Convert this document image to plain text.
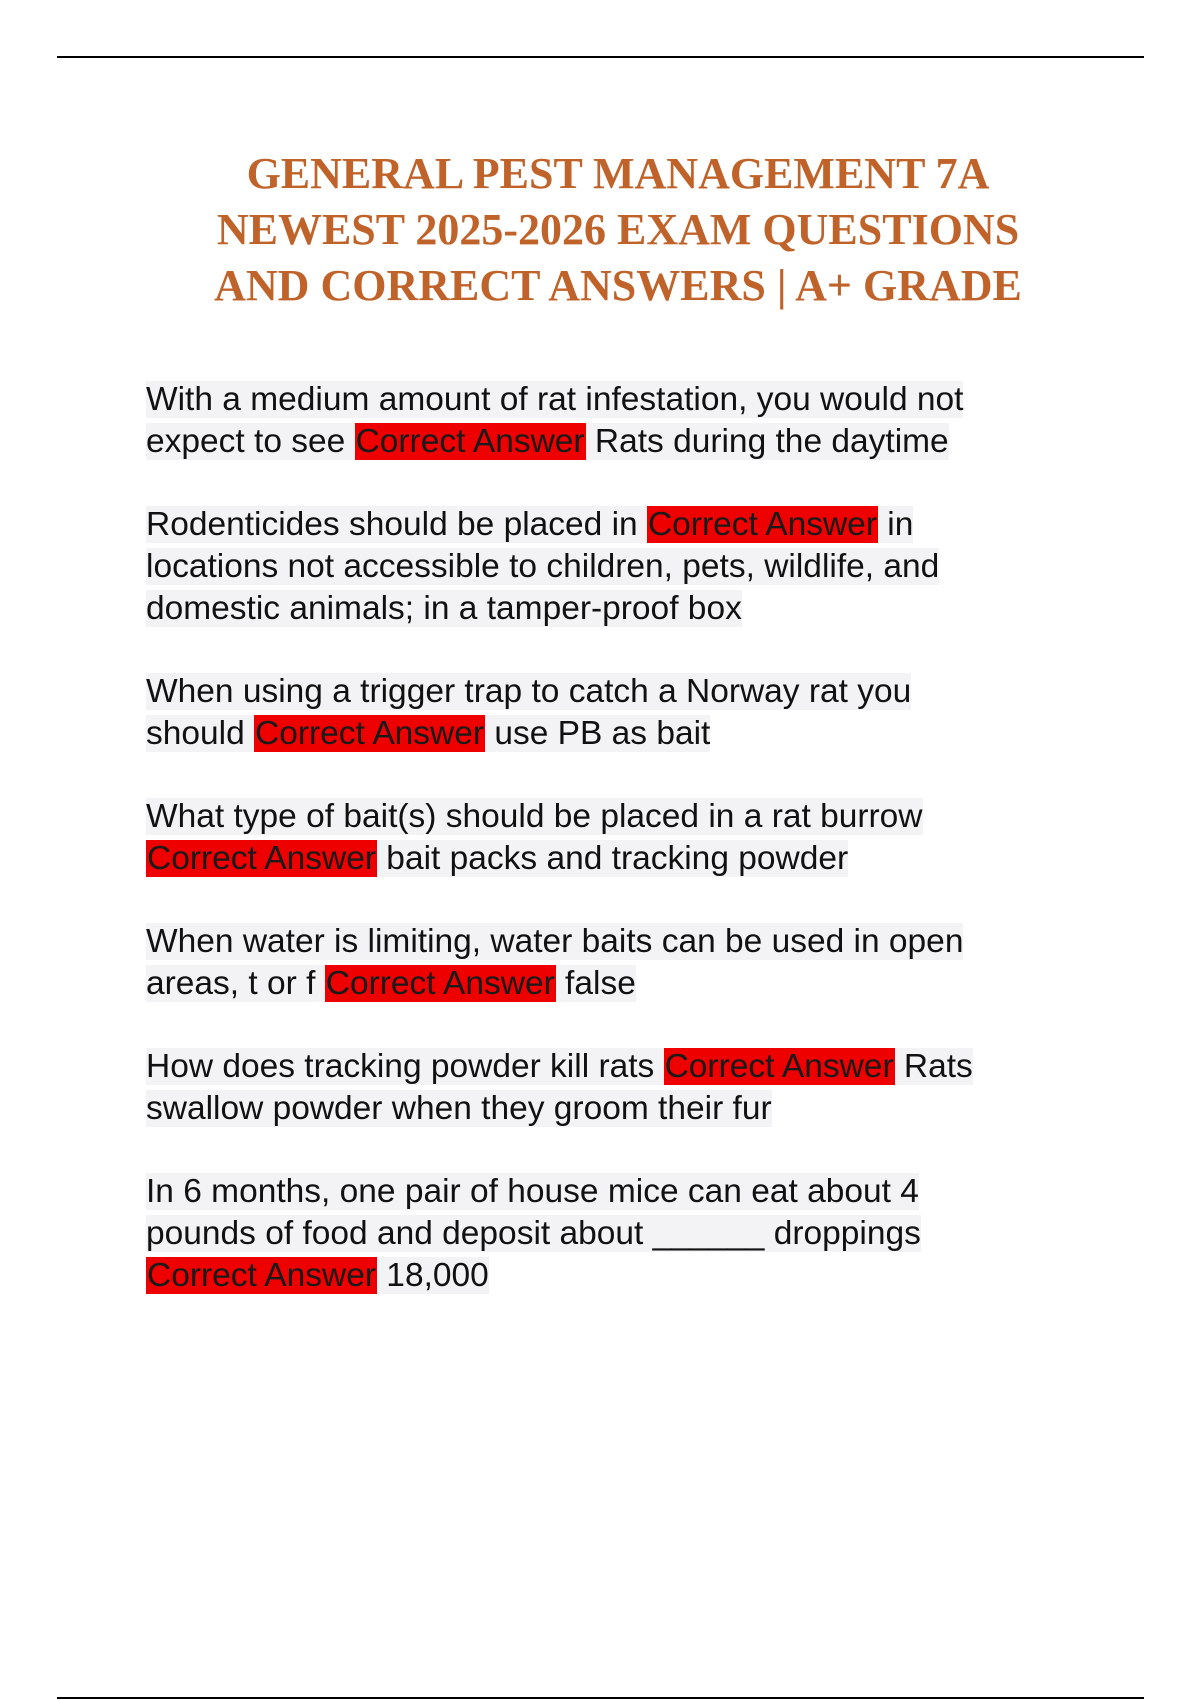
GENERAL PEST MANAGEMENT 7A
NEWEST 2025-2026 EXAM QUESTIONS
AND CORRECT ANSWERS | A+ GRADE

With a medium amount of rat infestation, you would not
expect to see Correct Answer Rats during the daytime

Rodenticides should be placed in Correct Answer in
locations not accessible to children, pets, wildlife, and
domestic animals; in a tamper-proof box

When using a trigger trap to catch a Norway rat you
should Correct Answer use PB as bait

What type of bait(s) should be placed in a rat burrow
Correct Answer bait packs and tracking powder

When water is limiting, water baits can be used in open
areas, t or f Correct Answer false

How does tracking powder kill rats Correct Answer Rats
swallow powder when they groom their fur

In 6 months, one pair of house mice can eat about 4
pounds of food and deposit about ______ droppings
Correct Answer 18,000
